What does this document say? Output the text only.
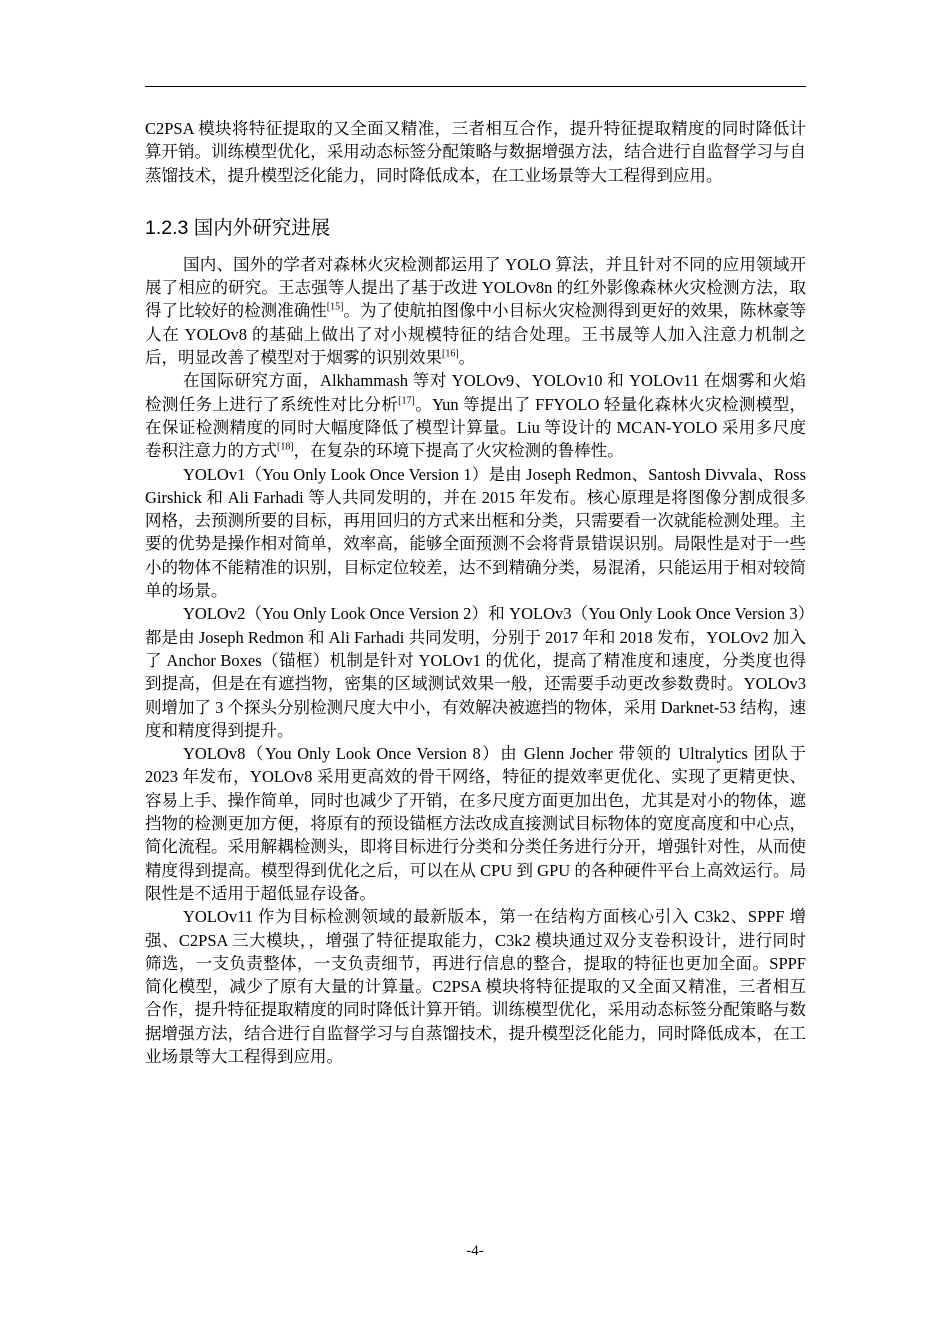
C2PSA 模块将特征提取的又全面又精准，三者相互合作，提升特征提取精度的同时降低计算开销。训练模型优化，采用动态标签分配策略与数据增强方法，结合进行自监督学习与自蒸馏技术，提升模型泛化能力，同时降低成本，在工业场景等大工程得到应用。

1.2.3 国内外研究进展

国内、国外的学者对森林火灾检测都运用了 YOLO 算法，并且针对不同的应用领域开展了相应的研究。王志强等人提出了基于改进 YOLOv8n 的红外影像森林火灾检测方法，取得了比较好的检测准确性[15]。为了使航拍图像中小目标火灾检测得到更好的效果，陈林豪等人在 YOLOv8 的基础上做出了对小规模特征的结合处理。王书晟等人加入注意力机制之后，明显改善了模型对于烟雾的识别效果[16]。

在国际研究方面，Alkhammash 等对 YOLOv9、YOLOv10 和 YOLOv11 在烟雾和火焰检测任务上进行了系统性对比分析[17]。Yun 等提出了 FFYOLO 轻量化森林火灾检测模型，在保证检测精度的同时大幅度降低了模型计算量。Liu 等设计的 MCAN-YOLO 采用多尺度卷积注意力的方式[18]，在复杂的环境下提高了火灾检测的鲁棒性。

YOLOv1（You Only Look Once Version 1）是由 Joseph Redmon、Santosh Divvala、Ross Girshick 和 Ali Farhadi 等人共同发明的，并在 2015 年发布。核心原理是将图像分割成很多网格，去预测所要的目标，再用回归的方式来出框和分类，只需要看一次就能检测处理。主要的优势是操作相对简单，效率高，能够全面预测不会将背景错误识别。局限性是对于一些小的物体不能精准的识别，目标定位较差，达不到精确分类，易混淆，只能运用于相对较简单的场景。

YOLOv2（You Only Look Once Version 2）和 YOLOv3（You Only Look Once Version 3）都是由 Joseph Redmon 和 Ali Farhadi 共同发明，分别于 2017 年和 2018 发布，YOLOv2 加入了 Anchor Boxes（锚框）机制是针对 YOLOv1 的优化，提高了精准度和速度，分类度也得到提高，但是在有遮挡物，密集的区域测试效果一般，还需要手动更改参数费时。YOLOv3 则增加了 3 个探头分别检测尺度大中小，有效解决被遮挡的物体，采用 Darknet-53 结构，速度和精度得到提升。

YOLOv8（You Only Look Once Version 8）由 Glenn Jocher 带领的 Ultralytics 团队于 2023 年发布，YOLOv8 采用更高效的骨干网络，特征的提效率更优化、实现了更精更快、容易上手、操作简单，同时也减少了开销，在多尺度方面更加出色，尤其是对小的物体，遮挡物的检测更加方便，将原有的预设锚框方法改成直接测试目标物体的宽度高度和中心点，简化流程。采用解耦检测头，即将目标进行分类和分类任务进行分开，增强针对性，从而使精度得到提高。模型得到优化之后，可以在从 CPU 到 GPU 的各种硬件平台上高效运行。局限性是不适用于超低显存设备。

YOLOv11 作为目标检测领域的最新版本，第一在结构方面核心引入 C3k2、SPPF 增强、C2PSA 三大模块，，增强了特征提取能力，C3k2 模块通过双分支卷积设计，进行同时筛选，一支负责整体，一支负责细节，再进行信息的整合，提取的特征也更加全面。SPPF 简化模型，减少了原有大量的计算量。C2PSA 模块将特征提取的又全面又精准，三者相互合作，提升特征提取精度的同时降低计算开销。训练模型优化，采用动态标签分配策略与数据增强方法，结合进行自监督学习与自蒸馏技术，提升模型泛化能力，同时降低成本，在工业场景等大工程得到应用。

-4-
